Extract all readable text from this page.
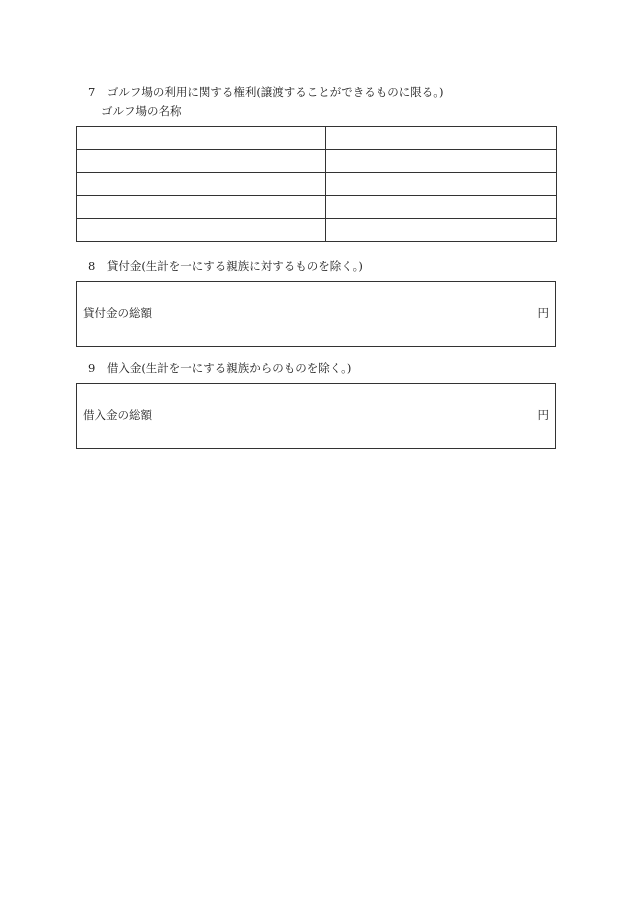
7　ゴルフ場の利用に関する権利(譲渡することができるものに限る。)
ゴルフ場の名称

8　貸付金(生計を一にする親族に対するものを除く。)
貸付金の総額	円
9　借入金(生計を一にする親族からのものを除く。)
借入金の総額	円
